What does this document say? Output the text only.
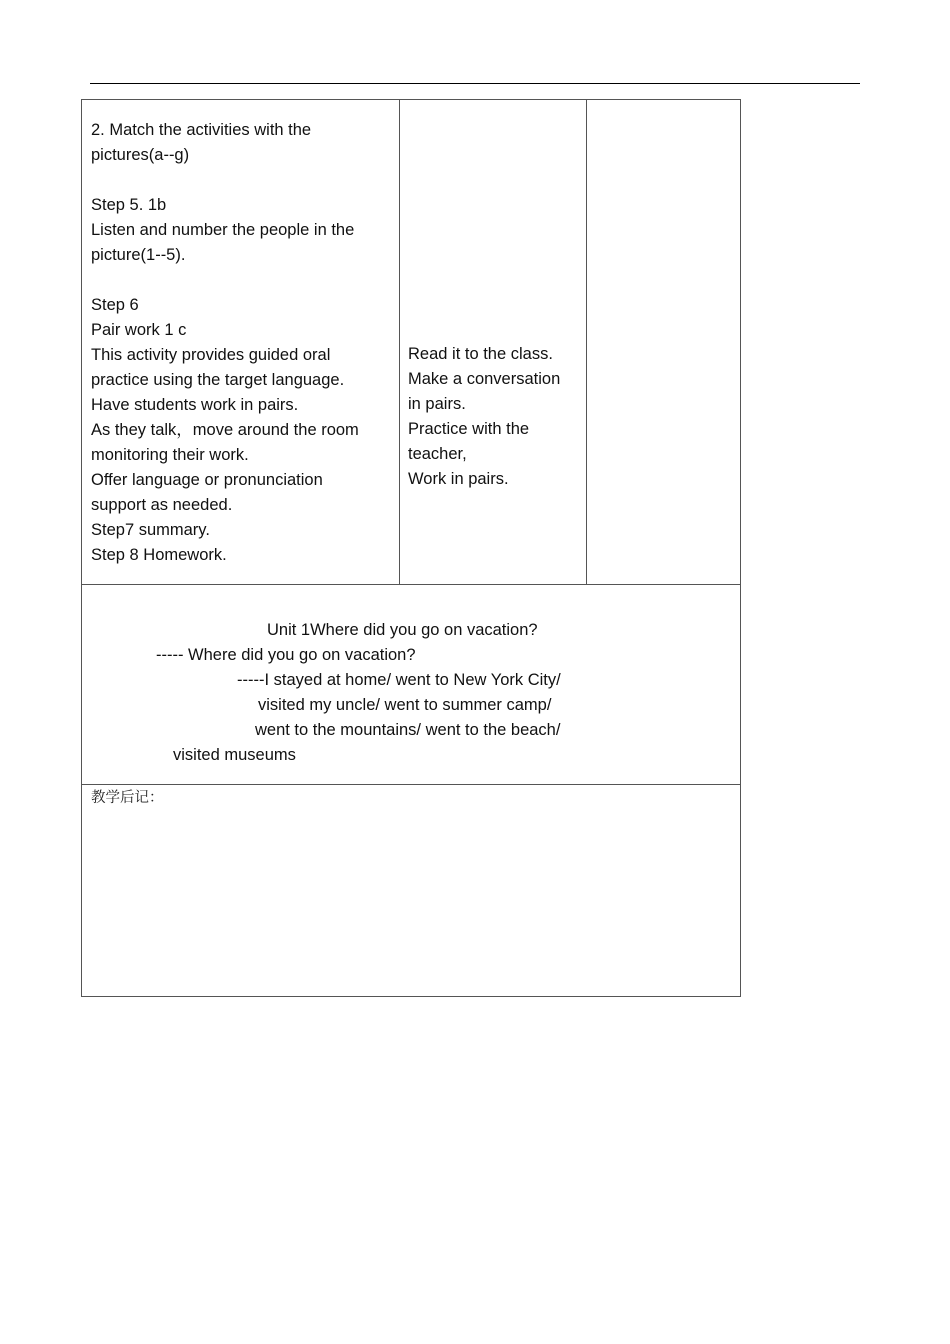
2. Match the activities with the
pictures(a--g)
Step 5. 1b
Listen and number the people in the
picture(1--5).
Step 6
Pair work 1 c
This activity provides guided oral
practice using the target language.
Have students work in pairs.
As they talk，move around the room
monitoring their work.
Offer language or pronunciation
support as needed.
Step7 summary.
Step 8 Homework.

Read it to the class.
Make a conversation
in pairs.
Practice with the
teacher,
Work in pairs.

Unit 1Where did you go on vacation?
----- Where did you go on vacation?
-----I stayed at home/ went to New York City/
visited my uncle/ went to summer camp/
went to the mountains/ went to the beach/
visited museums

教学后记：
